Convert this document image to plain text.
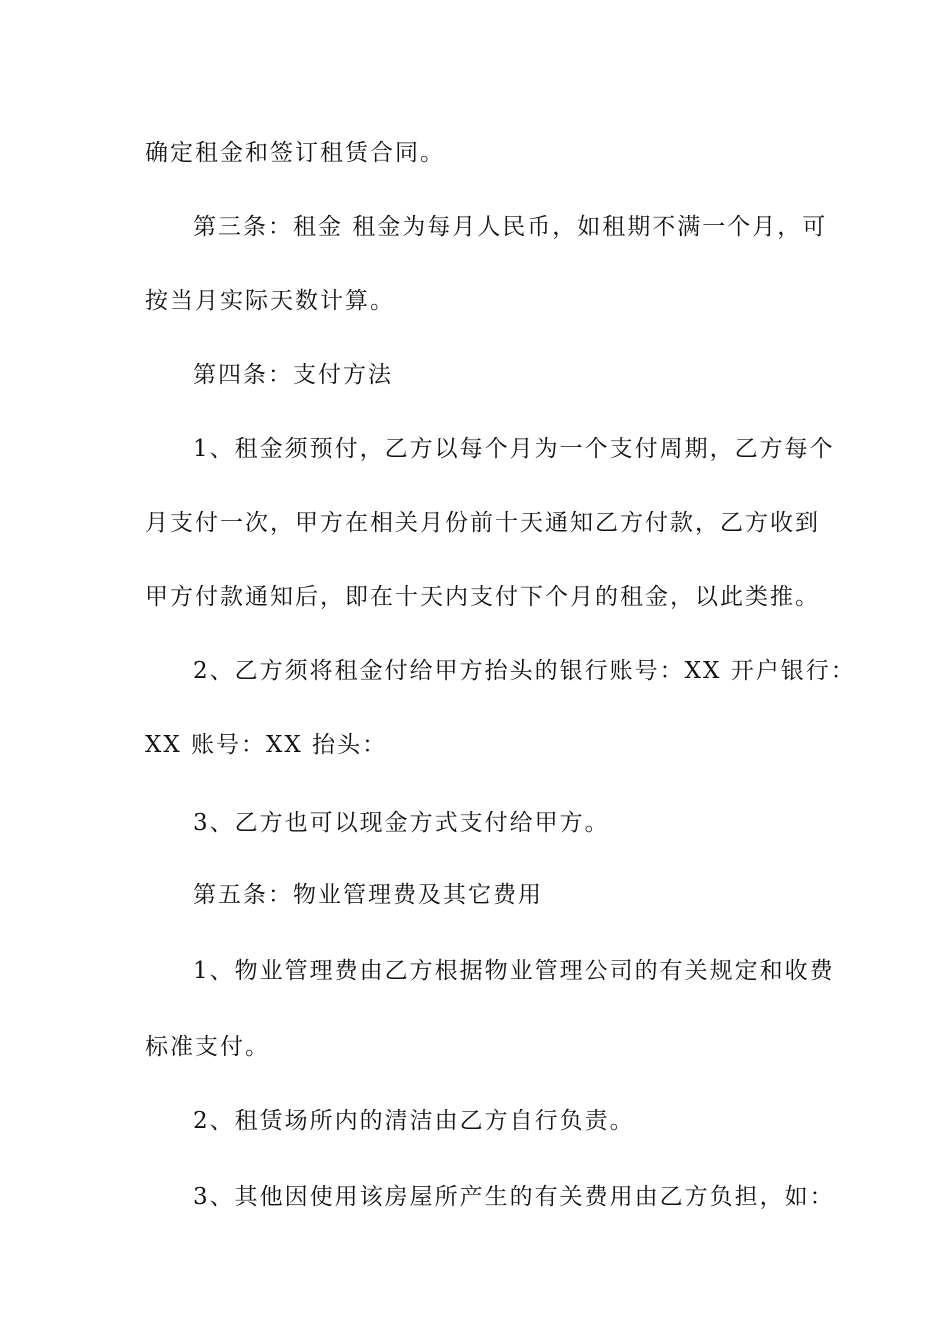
确定租金和签订租赁合同。
第三条：租金 租金为每月人民币，如租期不满一个月，可
按当月实际天数计算。
第四条：支付方法
1、租金须预付，乙方以每个月为一个支付周期，乙方每个
月支付一次，甲方在相关月份前十天通知乙方付款，乙方收到
甲方付款通知后，即在十天内支付下个月的租金，以此类推。
2、乙方须将租金付给甲方抬头的银行账号：XX 开户银行：
XX 账号：XX 抬头：
3、乙方也可以现金方式支付给甲方。
第五条：物业管理费及其它费用
1、物业管理费由乙方根据物业管理公司的有关规定和收费
标准支付。
2、租赁场所内的清洁由乙方自行负责。
3、其他因使用该房屋所产生的有关费用由乙方负担，如：
